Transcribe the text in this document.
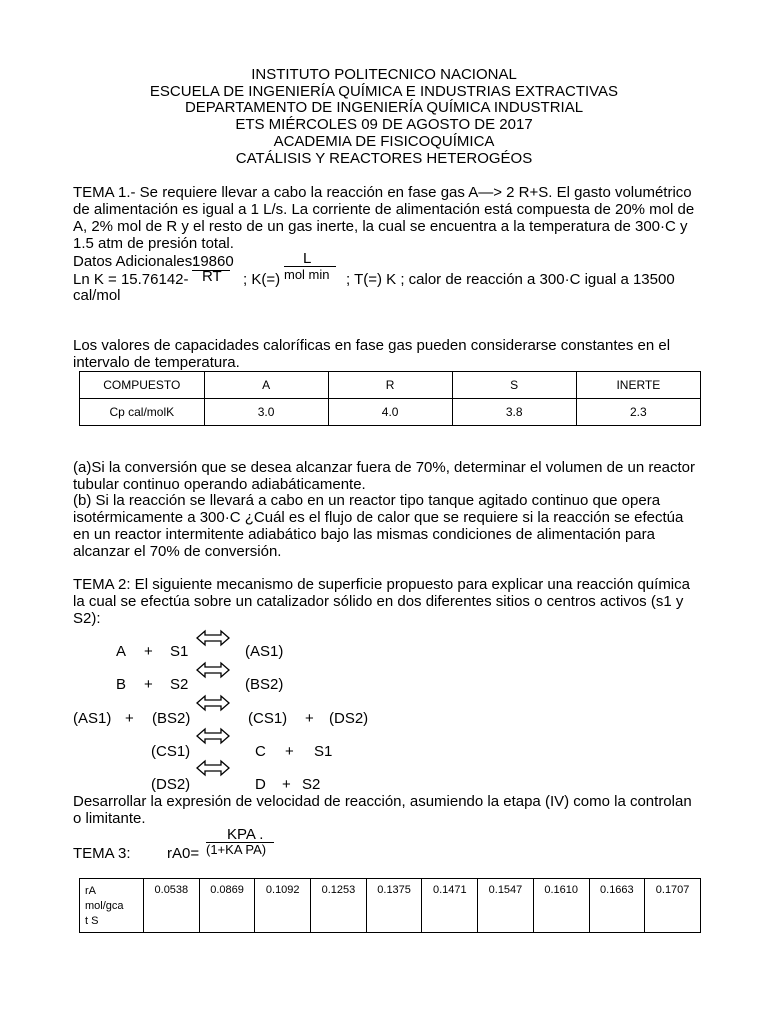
INSTITUTO POLITECNICO NACIONAL
ESCUELA DE INGENIERÍA QUÍMICA E INDUSTRIAS EXTRACTIVAS
DEPARTAMENTO DE INGENIERÍA QUÍMICA INDUSTRIAL
ETS MIÉRCOLES 09 DE AGOSTO DE 2017
ACADEMIA DE FISICOQUÍMICA
CATÁLISIS Y REACTORES HETEROGÉOS

TEMA 1.- Se requiere llevar a cabo la reacción en fase gas A—> 2 R+S. El gasto volumétrico de alimentación es igual a 1 L/s. La corriente de alimentación está compuesta de 20% mol de A, 2% mol de R y el resto de un gas inerte, la cual se encuentra a la temperatura de 300·C y 1.5 atm de presión total.

Datos Adicionales:
19860
Ln K = 15.76142- RT ; K(=)
L
mol min ; T(=) K ; calor de reacción a 300·C igual a 13500
cal/mol

Los valores de capacidades caloríficas en fase gas pueden considerarse constantes en el intervalo de temperatura.

COMPUESTO	A	R	S	INERTE
Cp cal/molK	3.0	4.0	3.8	2.3

(a)Si la conversión que se desea alcanzar fuera de 70%, determinar el volumen de un reactor tubular continuo operando adiabáticamente.

(b) Si la reacción se llevará a cabo en un reactor tipo tanque agitado continuo que opera isotérmicamente a 300·C ¿Cuál es el flujo de calor que se requiere si la reacción se efectúa en un reactor intermitente adiabático bajo las mismas condiciones de alimentación para alcanzar el 70% de conversión.

TEMA 2: El siguiente mecanismo de superficie propuesto para explicar una reacción química la cual se efectúa sobre un catalizador sólido en dos diferentes sitios o centros activos (s1 y S2):

A + S1	(AS1)
B + S2	(BS2)
(AS1) + (BS2)	(CS1) + (DS2)
(CS1)	C + S1
(DS2)	D + S2

Desarrollar la expresión de velocidad de reacción, asumiendo la etapa (IV) como la controlan o limitante.

KPA .
(1+KA PA)
TEMA 3: rA0=
rA
mol/gca
t S
	0.0538	0.0869	0.1092	0.1253	0.1375	0.1471	0.1547	0.1610	0.1663	0.1707
